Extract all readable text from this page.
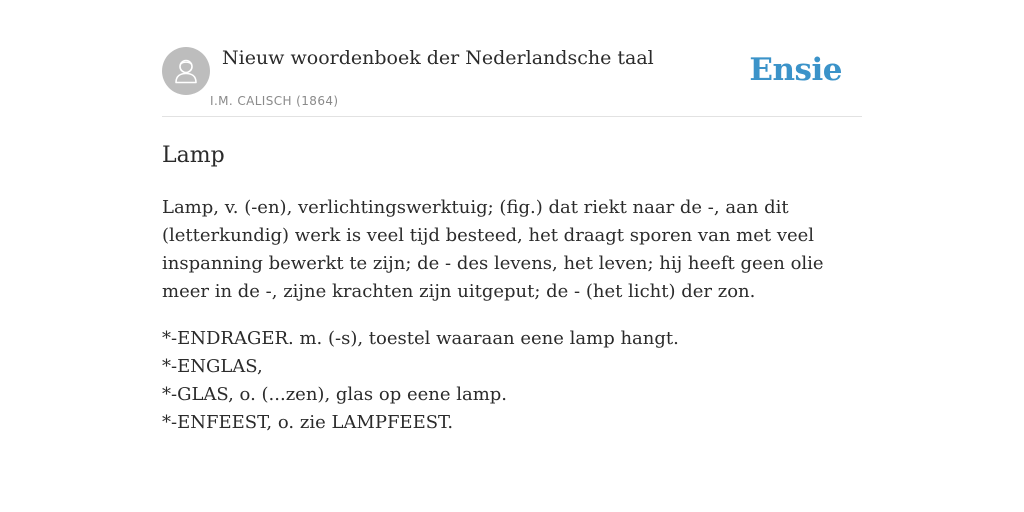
Nieuw woordenboek der Nederlandsche taal
I.M. CALISCH (1864)
Ensie
Lamp

Lamp, v. (-en), verlichtingswerktuig; (fig.) dat riekt naar de -, aan dit (letterkundig) werk is veel tijd besteed, het draagt sporen van met veel inspanning bewerkt te zijn; de - des levens, het leven; hij heeft geen olie meer in de -, zijne krachten zijn uitgeput; de - (het licht) der zon.

*-ENDRAGER. m. (-s), toestel waaraan eene lamp hangt.
*-ENGLAS,
*-GLAS, o. (...zen), glas op eene lamp.
*-ENFEEST, o. zie LAMPFEEST.
